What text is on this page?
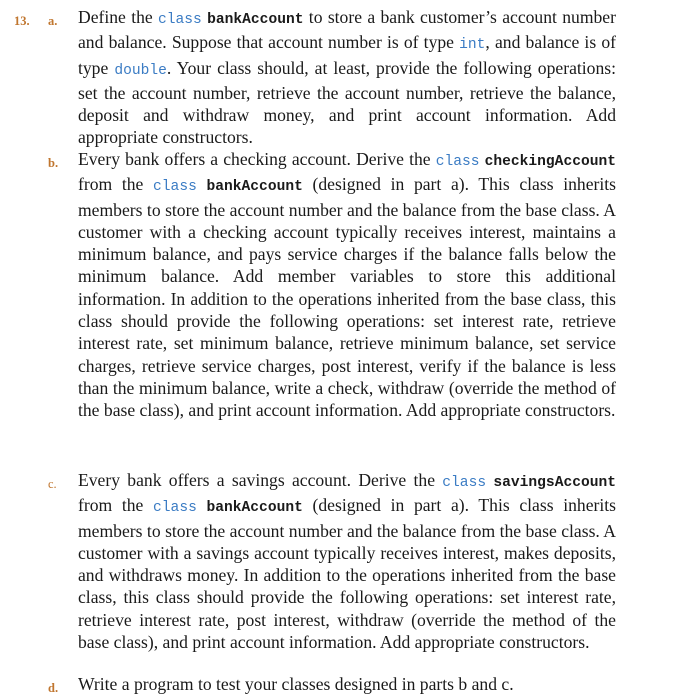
13. a. Define the class bankAccount to store a bank customer’s account number and balance. Suppose that account number is of type int, and balance is of type double. Your class should, at least, provide the following operations: set the account number, retrieve the account number, retrieve the balance, deposit and withdraw money, and print account information. Add appropriate constructors.
b. Every bank offers a checking account. Derive the class checkingAccount from the class bankAccount (designed in part a). This class inherits members to store the account number and the balance from the base class. A customer with a checking account typically receives interest, maintains a minimum balance, and pays service charges if the balance falls below the minimum balance. Add member variables to store this additional information. In addition to the operations inherited from the base class, this class should provide the following operations: set interest rate, retrieve interest rate, set minimum balance, retrieve minimum balance, set service charges, retrieve service charges, post interest, verify if the balance is less than the minimum balance, write a check, withdraw (override the method of the base class), and print account information. Add appropriate constructors.
c. Every bank offers a savings account. Derive the class savingsAccount from the class bankAccount (designed in part a). This class inherits members to store the account number and the balance from the base class. A customer with a savings account typically receives interest, makes deposits, and withdraws money. In addition to the operations inherited from the base class, this class should provide the following operations: set interest rate, retrieve interest rate, post interest, withdraw (override the method of the base class), and print account information. Add appropriate constructors.
d. Write a program to test your classes designed in parts b and c.
